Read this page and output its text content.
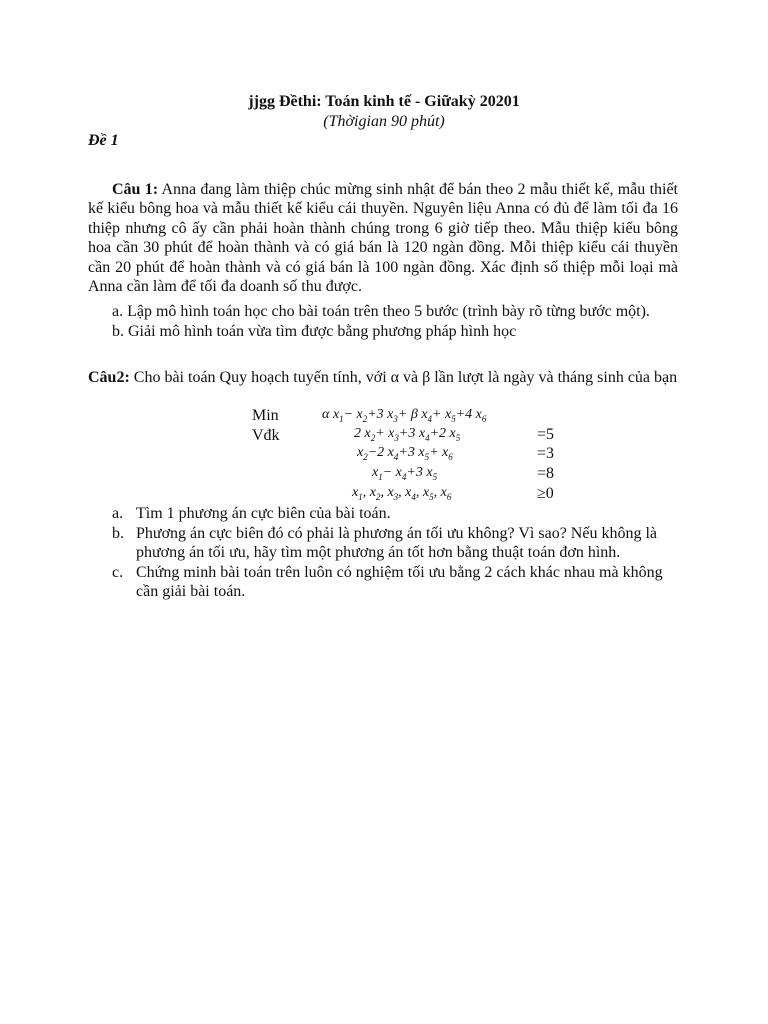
jjgg Đềthi: Toán kinh tế - Giữakỳ 20201
(Thờigian 90 phút)
Đề 1
Câu 1: Anna đang làm thiệp chúc mừng sinh nhật để bán theo 2 mẫu thiết kế, mẫu thiết kế kiểu bông hoa và mẫu thiết kế kiểu cái thuyền. Nguyên liệu Anna có đủ để làm tối đa 16 thiệp nhưng cô ấy cần phải hoàn thành chúng trong 6 giờ tiếp theo. Mẫu thiệp kiểu bông hoa cần 30 phút để hoàn thành và có giá bán là 120 ngàn đồng. Mỗi thiệp kiểu cái thuyền cần 20 phút để hoàn thành và có giá bán là 100 ngàn đồng. Xác định số thiệp mỗi loại mà Anna cần làm để tối đa doanh số thu được.
a. Lập mô hình toán học cho bài toán trên theo 5 bước (trình bày rõ từng bước một).
b. Giải mô hình toán vừa tìm được bằng phương pháp hình học
Câu2: Cho bài toán Quy hoạch tuyến tính, với α và β lần lượt là ngày và tháng sinh của bạn
Min	α $x_1- x_2+3$ $x_3+ \beta$ $x_4+ x_5+4$ $x_6$
Vđk	2 $x_2+ x_3+3$ $x_4+2$ $x_5$	=5
$x_2-2$ $x_4+3$ $x_5+ x_6$	=3
$x_1- x_4+3$ $x_5$	=8
$x_1$, $x_2$, $x_3$, $x_4$, $x_5$, $x_6$	≥0
a. Tìm 1 phương án cực biên của bài toán.
b. Phương án cực biên đó có phải là phương án tối ưu không? Vì sao? Nếu không là phương án tối ưu, hãy tìm một phương án tốt hơn bằng thuật toán đơn hình.
c. Chứng minh bài toán trên luôn có nghiệm tối ưu bằng 2 cách khác nhau mà không cần giải bài toán.
